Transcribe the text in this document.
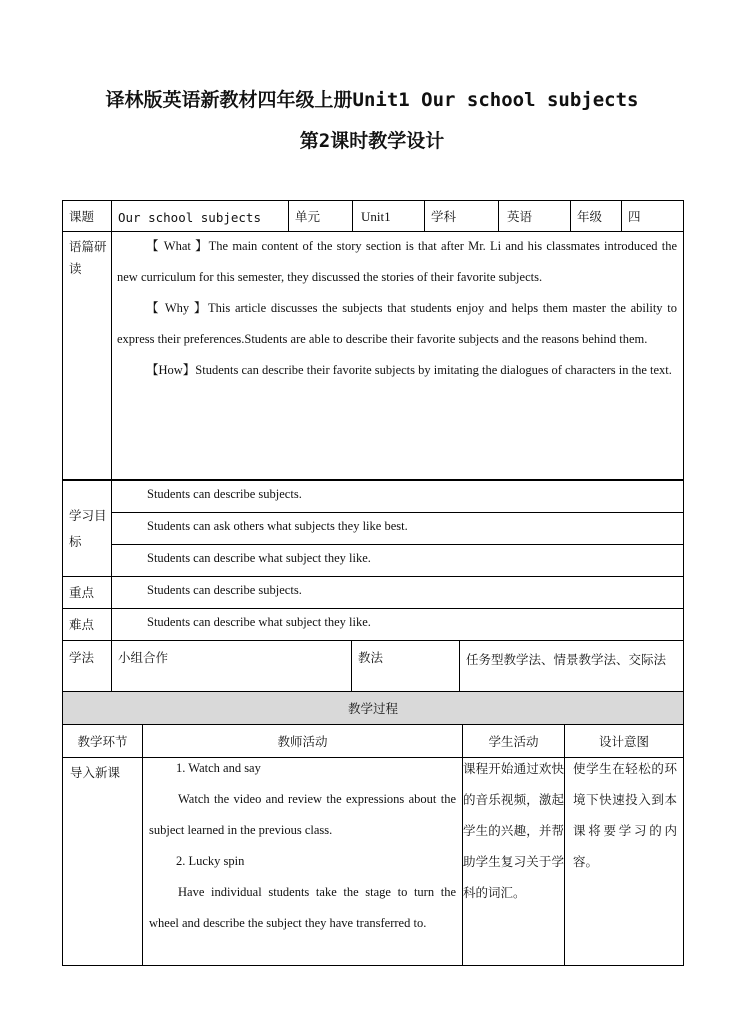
译林版英语新教材四年级上册Unit1 Our school subjects
第2课时教学设计
课题	Our school subjects	单元	Unit1	学科	英语	年级	四
语篇研读	【 What 】The main content of the story section is that after Mr. Li and his classmates introduced the new curriculum for this semester, they discussed the stories of their favorite subjects.
【 Why 】This article discusses the subjects that students enjoy and helps them master the ability to express their preferences.Students are able to describe their favorite subjects and the reasons behind them.
【How】Students can describe their favorite subjects by imitating the dialogues of characters in the text.						
学习目标	Students can describe subjects.
	Students can ask others what subjects they like best.
	Students can describe what subject they like.
重点	Students can describe subjects.
难点	Students can describe what subject they like.
学法	小组合作	教法	任务型教学法、情景教学法、交际法
教学过程			
教学环节	教师活动	学生活动	设计意图
导入新课	1. Watch and say
Watch the video and review the expressions about the subject learned in the previous class.
2. Lucky spin
Have individual students take the stage to turn the wheel and describe the subject they have transferred to.	课程开始通过欢快的音乐视频，激起学生的兴趣，并帮助学生复习关于学科的词汇。	使学生在轻松的环境下快速投入到本课将要学习的内容。
